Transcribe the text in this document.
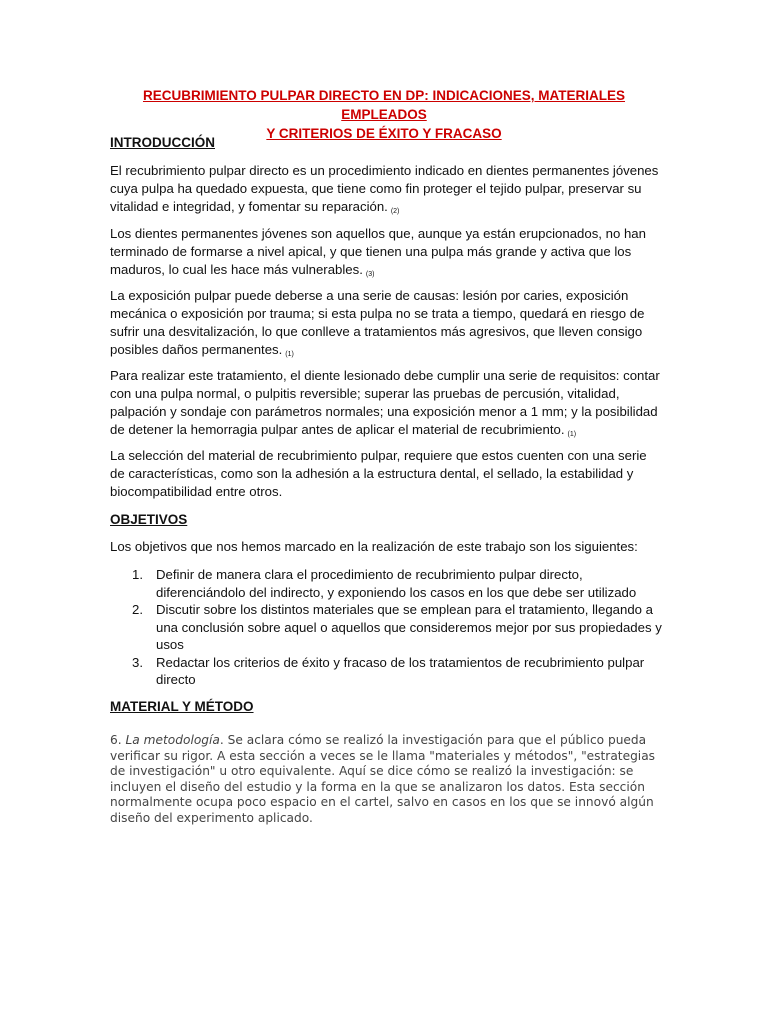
RECUBRIMIENTO PULPAR DIRECTO EN DP: INDICACIONES, MATERIALES EMPLEADOS
Y CRITERIOS DE ÉXITO Y FRACASO
INTRODUCCIÓN
El recubrimiento pulpar directo es un procedimiento indicado en dientes permanentes jóvenes cuya pulpa ha quedado expuesta, que tiene como fin proteger el tejido pulpar, preservar su vitalidad e integridad, y fomentar su reparación. (2)
Los dientes permanentes jóvenes son aquellos que, aunque ya están erupcionados, no han terminado de formarse a nivel apical, y que tienen una pulpa más grande y activa que los maduros, lo cual les hace más vulnerables. (3)
La exposición pulpar puede deberse a una serie de causas: lesión por caries, exposición mecánica o exposición por trauma; si esta pulpa no se trata a tiempo, quedará en riesgo de sufrir una desvitalización, lo que conlleve a tratamientos más agresivos, que lleven consigo posibles daños permanentes. (1)
Para realizar este tratamiento, el diente lesionado debe cumplir una serie de requisitos: contar con una pulpa normal, o pulpitis reversible; superar las pruebas de percusión, vitalidad, palpación y sondaje con parámetros normales; una exposición menor a 1 mm; y la posibilidad de detener la hemorragia pulpar antes de aplicar el material de recubrimiento. (1)
La selección del material de recubrimiento pulpar, requiere que estos cuenten con una serie de características, como son la adhesión a la estructura dental, el sellado, la estabilidad y biocompatibilidad entre otros.
OBJETIVOS
Los objetivos que nos hemos marcado en la realización de este trabajo son los siguientes:
1. Definir de manera clara el procedimiento de recubrimiento pulpar directo, diferenciándolo del indirecto, y exponiendo los casos en los que debe ser utilizado
2. Discutir sobre los distintos materiales que se emplean para el tratamiento, llegando a una conclusión sobre aquel o aquellos que consideremos mejor por sus propiedades y usos
3. Redactar los criterios de éxito y fracaso de los tratamientos de recubrimiento pulpar directo
MATERIAL Y MÉTODO
6. La metodología. Se aclara cómo se realizó la investigación para que el público pueda verificar su rigor. A esta sección a veces se le llama "materiales y métodos", "estrategias de investigación" u otro equivalente. Aquí se dice cómo se realizó la investigación: se incluyen el diseño del estudio y la forma en la que se analizaron los datos. Esta sección normalmente ocupa poco espacio en el cartel, salvo en casos en los que se innovó algún diseño del experimento aplicado.
